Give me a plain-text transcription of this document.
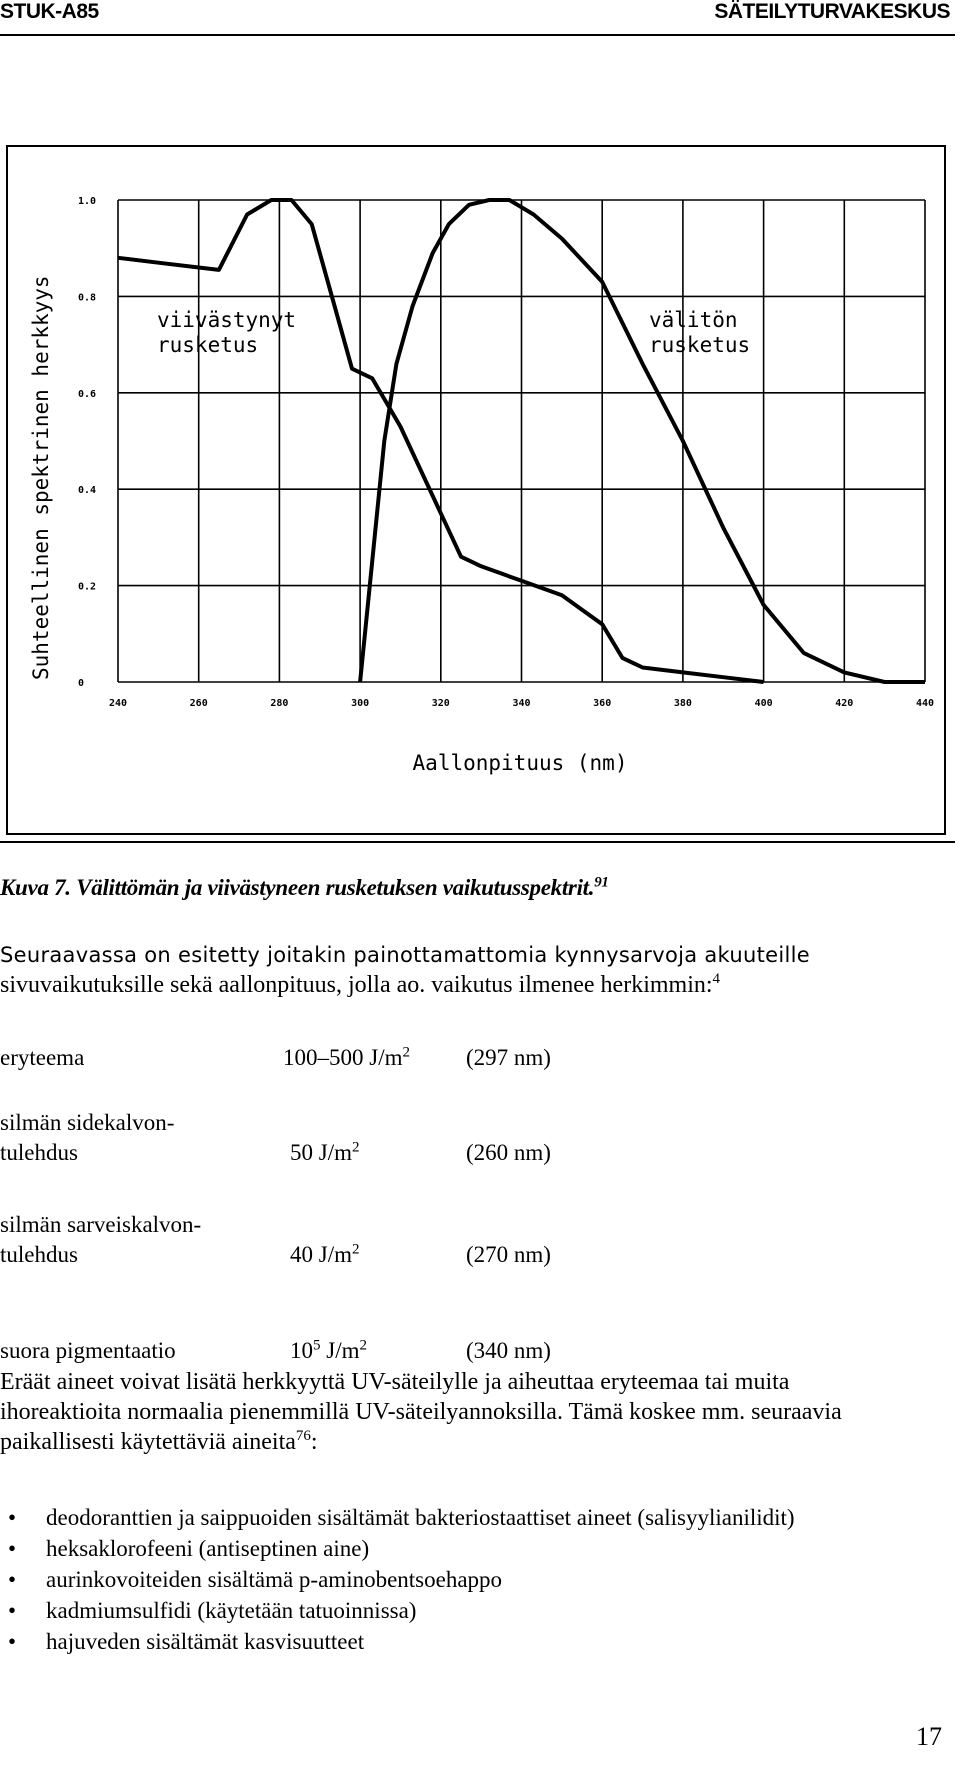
STUK-A85	SÄTEILYTURVAKESKUS
0
0.2
0.4
0.6
0.8
1.0
240	260	280	300	320	340	360	380	400	420	440
Suhteellinen spektrinen herkkyys
Aallonpituus (nm)
viivästynyt
rusketus
välitön
rusketus
Kuva 7. Välittömän ja viivästyneen rusketuksen vaikutusspektrit.$^{91}$
Seuraavassa on esitetty joitakin painottamattomia kynnysarvoja akuuteille
sivuvaikutuksille sekä aallonpituus, jolla ao. vaikutus ilmenee herkimmin:$^4$
eryteema	100–500 $J/m^2$ (297 nm)
silmän sidekalvon-
tulehdus	50 $J/m^2$	(260 nm)
silmän sarveiskalvon-
tulehdus	40 $J/m^2$	(270 nm)
suora pigmentaatio	$10^5$ $J/m^2$	(340 nm)
Eräät aineet voivat lisätä herkkyyttä UV-säteilylle ja aiheuttaa eryteemaa tai muita
ihoreaktioita normaalia pienemmillä UV-säteilyannoksilla. Tämä koskee mm. seuraavia
paikallisesti käytettäviä aineita$^{76}$:
• deodoranttien ja saippuoiden sisältämät bakteriostaattiset aineet (salisyylianilidit)
• heksaklorofeeni (antiseptinen aine)
• aurinkovoiteiden sisältämä p-aminobentsoehappo
• kadmiumsulfidi (käytetään tatuoinnissa)
• hajuveden sisältämät kasvisuutteet
17
